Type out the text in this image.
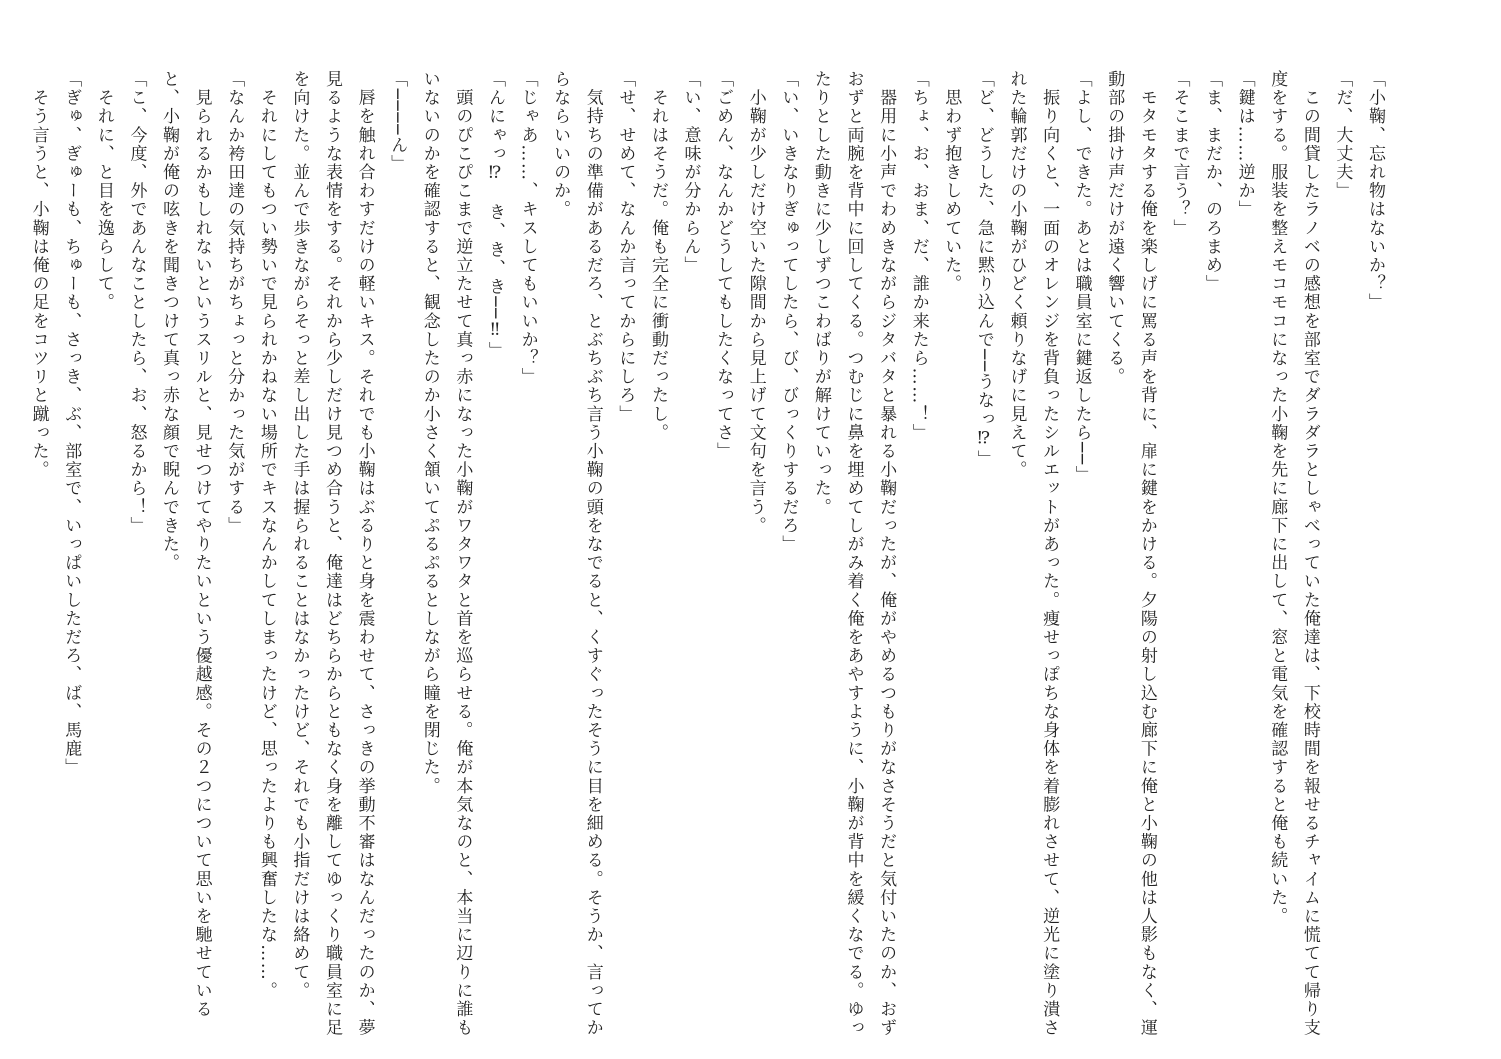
「小鞠、忘れ物はないか？」

「だ、大丈夫」

　この間貸したラノベの感想を部室でダラダラとしゃべっていた俺達は、下校時間を報せるチャイムに慌てて帰り支

度をする。服装を整えモコモコになった小鞠を先に廊下に出して、窓と電気を確認すると俺も続いた。

「鍵は……逆か」

「ま、まだか、のろまめ」

「そこまで言う？」

　モタモタする俺を楽しげに罵る声を背に、扉に鍵をかける。夕陽の射し込む廊下に俺と小鞠の他は人影もなく、運

動部の掛け声だけが遠く響いてくる。

「よし、できた。あとは職員室に鍵返したら──」

　振り向くと、一面のオレンジを背負ったシルエットがあった。痩せっぽちな身体を着膨れさせて、逆光に塗り潰さ

れた輪郭だけの小鞠がひどく頼りなげに見えて。

「ど、どうした、急に黙り込んで──うなっ⁉」

　思わず抱きしめていた。

「ちょ、お、おま、だ、誰か来たら……！」

　器用に小声でわめきながらジタバタと暴れる小鞠だったが、俺がやめるつもりがなさそうだと気付いたのか、おず

おずと両腕を背中に回してくる。つむじに鼻を埋めてしがみ着く俺をあやすように、小鞠が背中を緩くなでる。ゆっ

たりとした動きに少しずつこわばりが解けていった。

「い、いきなりぎゅってしたら、び、びっくりするだろ」

　小鞠が少しだけ空いた隙間から見上げて文句を言う。

「ごめん、なんかどうしてもしたくなってさ」

「い、意味が分からん」

　それはそうだ。俺も完全に衝動だったし。

「せ、せめて、なんか言ってからにしろ」

　気持ちの準備があるだろ、とぶちぶち言う小鞠の頭をなでると、くすぐったそうに目を細める。そうか、言ってか

らならいいのか。

「じゃあ……、キスしてもいいか？」

「んにゃっ⁉　き、き、き──‼」

　頭のぴこぴこまで逆立たせて真っ赤になった小鞠がワタワタと首を巡らせる。俺が本気なのと、本当に辺りに誰も

いないのかを確認すると、観念したのか小さく頷いてぷるぷるとしながら瞳を閉じた。

「────ん」

　唇を触れ合わすだけの軽いキス。それでも小鞠はぶるりと身を震わせて、さっきの挙動不審はなんだったのか、夢

見るような表情をする。それから少しだけ見つめ合うと、俺達はどちらからともなく身を離してゆっくり職員室に足

を向けた。並んで歩きながらそっと差し出した手は握られることはなかったけど、それでも小指だけは絡めて。

　それにしてもつい勢いで見られかねない場所でキスなんかしてしまったけど、思ったよりも興奮したな……。

「なんか袴田達の気持ちがちょっと分かった気がする」

　見られるかもしれないというスリルと、見せつけてやりたいという優越感。その２つについて思いを馳せている

と、小鞠が俺の呟きを聞きつけて真っ赤な顔で睨んできた。

「こ、今度、外であんなことしたら、お、怒るから！」

　それに、と目を逸らして。

「ぎゅ、ぎゅーも、ちゅーも、さっき、ぶ、部室で、いっぱいしただろ、ば、馬鹿」

　そう言うと、小鞠は俺の足をコツリと蹴った。
